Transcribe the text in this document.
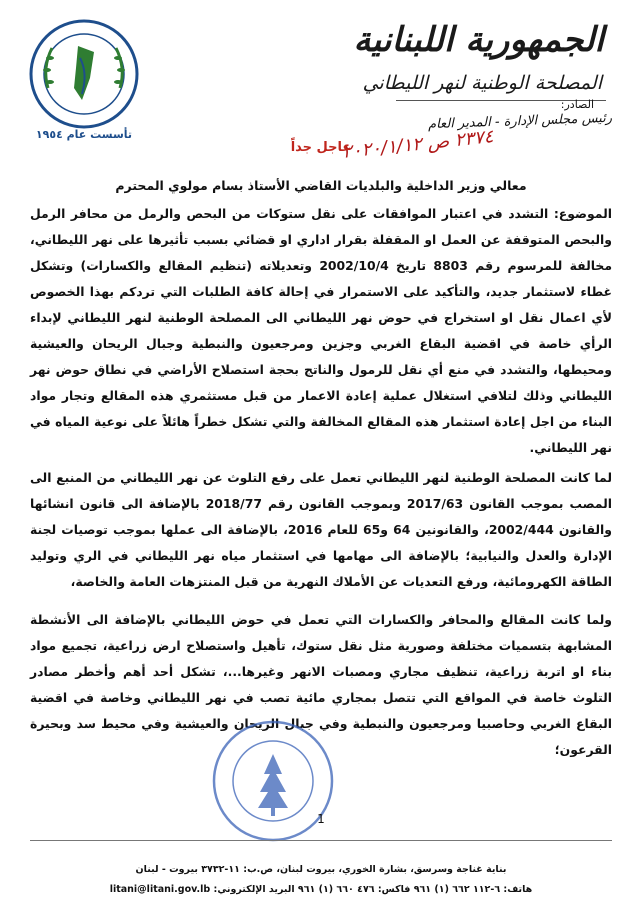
الجمهورية اللبنانية
المصلحة الوطنية لنهر الليطاني
الصادر:
رئيس مجلس الإدارة - المدير العام
٢٣٧٤ ص ٢٠٢٠/١/١٢
تأسست عام ١٩٥٤
عاجل جداً
معالي وزير الداخلية والبلديات القاضي الأستاذ بسام مولوي المحترم
الموضوع: التشدد في اعتبار الموافقات على نقل ستوكات من البحص والرمل من محافر الرمل والبحص المتوقفة عن العمل او المقفلة بقرار اداري او قضائي بسبب تأثيرها على نهر الليطاني، مخالفة للمرسوم رقم 8803 تاريخ 2002/10/4 وتعديلاته (تنظيم المقالع والكسارات) وتشكل غطاء لاستثمار جديد، والتأكيد على الاستمرار في إحالة كافة الطلبات التي تردكم بهذا الخصوص لأي اعمال نقل او استخراج في حوض نهر الليطاني الى المصلحة الوطنية لنهر الليطاني لإبداء الرأي خاصة في اقضية البقاع الغربي وجزين ومرجعيون والنبطية وجبال الريحان والعيشية ومحيطها، والتشدد في منع أي نقل للرمول والناتج بحجة استصلاح الأراضي في نطاق حوض نهر الليطاني وذلك لتلافي استغلال عملية إعادة الاعمار من قبل مستثمري هذه المقالع وتجار مواد البناء من اجل إعادة استثمار هذه المقالع المخالفة والتي تشكل خطراً هائلاً على نوعية المياه في نهر الليطاني.
لما كانت المصلحة الوطنية لنهر الليطاني تعمل على رفع التلوث عن نهر الليطاني من المنبع الى المصب بموجب القانون 2017/63 وبموجب القانون رقم 2018/77 بالإضافة الى قانون انشائها والقانون 2002/444، والقانونين 64 و65 للعام 2016، بالإضافة الى عملها بموجب توصيات لجنة الإدارة والعدل والنيابية؛ بالإضافة الى مهامها في استثمار مياه نهر الليطاني في الري وتوليد الطاقة الكهرومائية، ورفع التعديات عن الأملاك النهرية من قبل المنتزهات العامة والخاصة،
ولما كانت المقالع والمحافر والكسارات التي تعمل في حوض الليطاني بالإضافة الى الأنشطة المشابهة بتسميات مختلفة وصورية مثل نقل ستوك، تأهيل واستصلاح ارض زراعية، تجميع مواد بناء او اتربة زراعية، تنظيف مجاري ومصبات الانهر وغيرها...، تشكل أحد أهم وأخطر مصادر التلوث خاصة في المواقع التي تتصل بمجاري مائية تصب في نهر الليطاني وخاصة في اقضية البقاع الغربي وحاصبيا ومرجعيون والنبطية وفي جبال الريحان والعيشية وفي محيط سد وبحيرة القرعون؛
1
بناية غناجة وسرسق، بشارة الخوري، بيروت لبنان، ص.ب: ١١-٣٧٣٢ بيروت - لبنان
هاتف: ٦-١١٢ ٦٦٢ (١) ٩٦١ فاكس: ٤٧٦ ٦٦٠ (١) ٩٦١ البريد الإلكتروني: litani@litani.gov.lb
